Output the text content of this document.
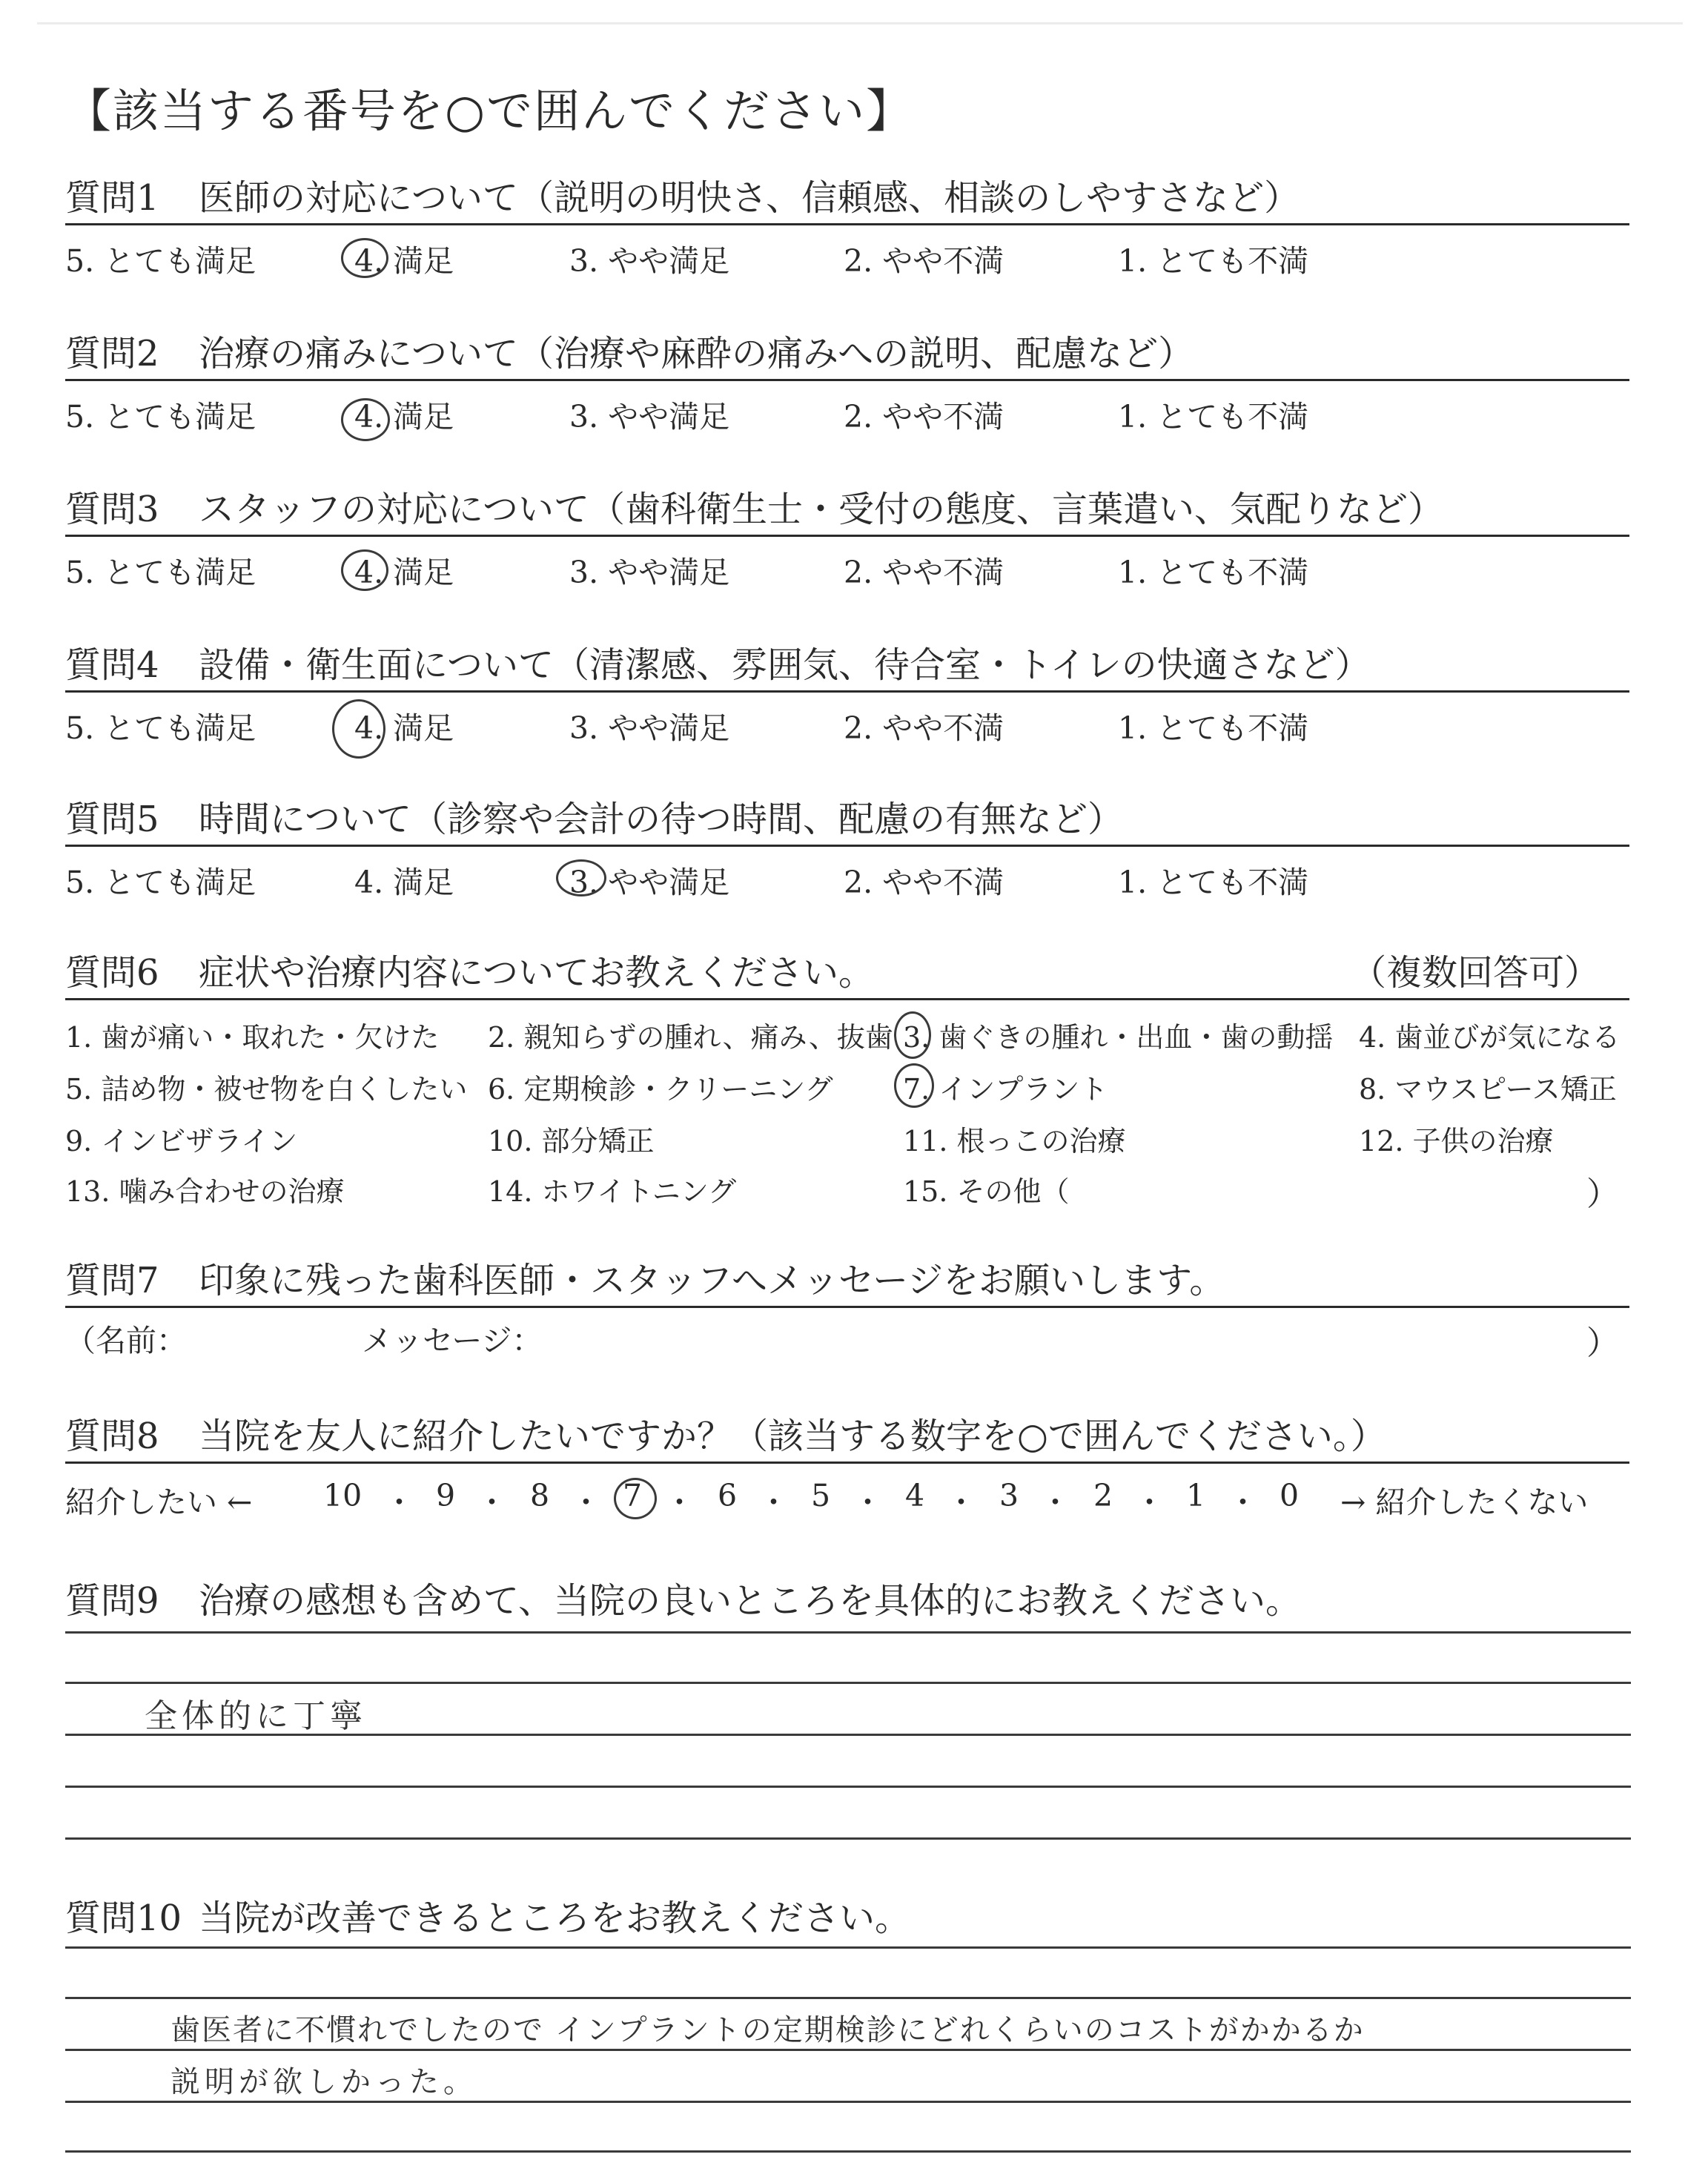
【該当する番号を○で囲んでください】
質問1 医師の対応について（説明の明快さ、信頼感、相談のしやすさなど）
5. とても満足	4. 満足	3. やや満足	2. やや不満	1. とても不満
質問2 治療の痛みについて（治療や麻酔の痛みへの説明、配慮など）
5. とても満足	4. 満足	3. やや満足	2. やや不満	1. とても不満
質問3 スタッフの対応について（歯科衛生士・受付の態度、言葉遣い、気配りなど）
5. とても満足	4. 満足	3. やや満足	2. やや不満	1. とても不満
質問4 設備・衛生面について（清潔感、雰囲気、待合室・トイレの快適さなど）
5. とても満足	4. 満足	3. やや満足	2. やや不満	1. とても不満
質問5 時間について（診察や会計の待つ時間、配慮の有無など）
5. とても満足	4. 満足	3. やや満足	2. やや不満	1. とても不満
質問6 症状や治療内容についてお教えください。	（複数回答可）
1. 歯が痛い・取れた・欠けた 2. 親知らずの腫れ、痛み、抜歯 3. 歯ぐきの腫れ・出血・歯の動揺 4. 歯並びが気になる
5. 詰め物・被せ物を白くしたい 6. 定期検診・クリーニング 7. インプラント	8. マウスピース矯正
9. インビザライン	10. 部分矯正	11. 根っこの治療	12. 子供の治療
13. 噛み合わせの治療	14. ホワイトニング	15. その他（	）
質問7 印象に残った歯科医師・スタッフへメッセージをお願いします。
（名前：	メッセージ：	）
質問8 当院を友人に紹介したいですか？（該当する数字を○で囲んでください。）
紹介したい ← 10 ・ 9 ・ 8 ・ 7 ・ 6 ・ 5 ・ 4 ・ 3 ・ 2 ・ 1 ・ 0 → 紹介したくない
質問9 治療の感想も含めて、当院の良いところを具体的にお教えください。
全体的に丁寧
質問10 当院が改善できるところをお教えください。
歯医者に不慣れでしたので インプラントの定期検診にどれくらいのコストがかかるか
説明が欲しかった。
